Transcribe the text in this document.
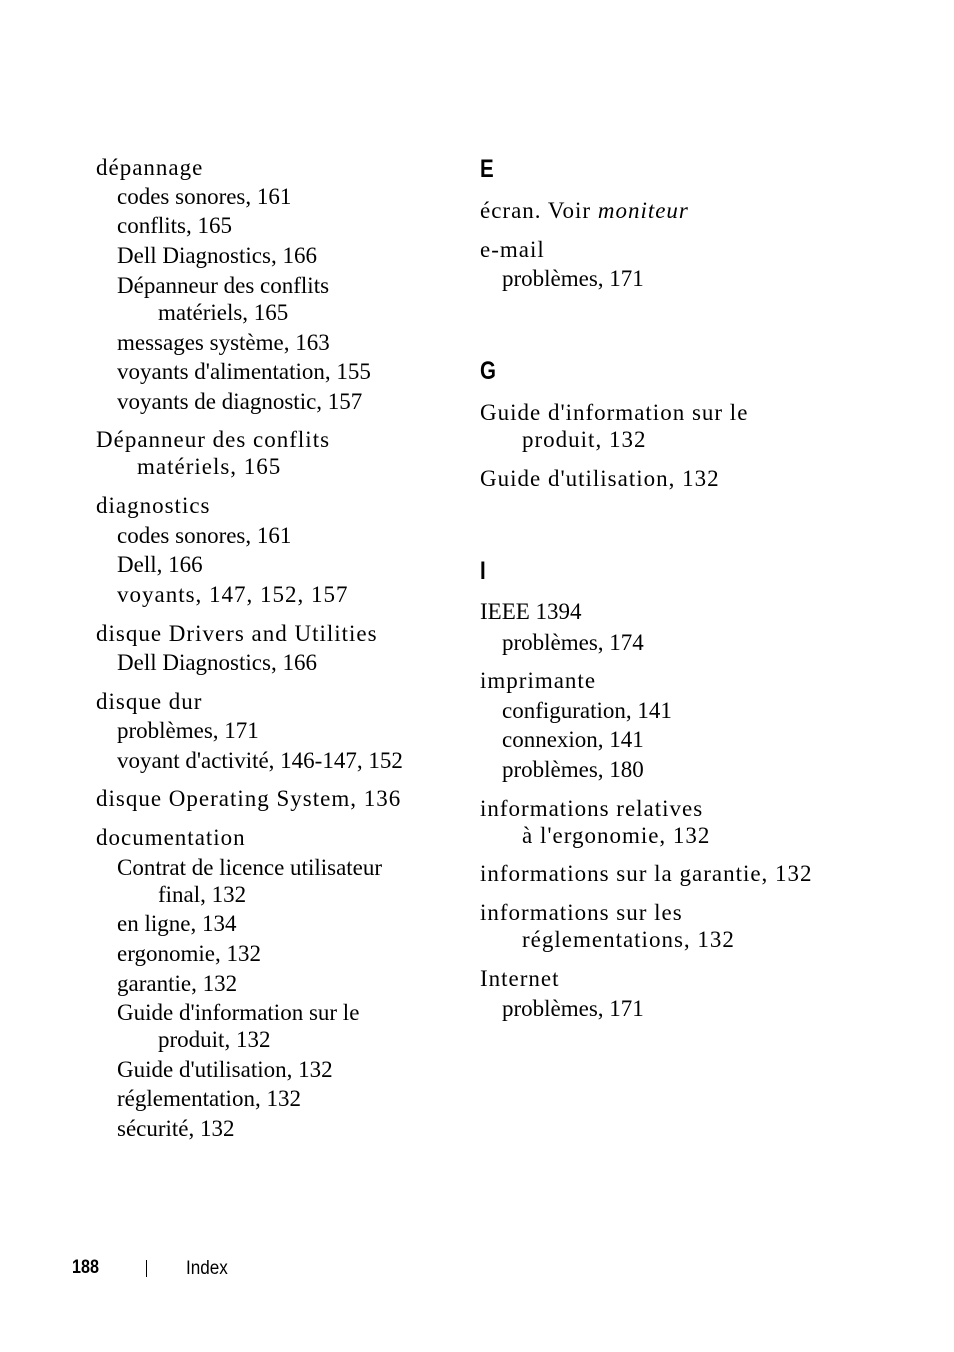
dépannage
codes sonores, 161
conflits, 165
Dell Diagnostics, 166
Dépanneur des conflits
matériels, 165
messages système, 163
voyants d'alimentation, 155
voyants de diagnostic, 157
Dépanneur des conflits
matériels, 165
diagnostics
codes sonores, 161
Dell, 166
voyants, 147, 152, 157
disque Drivers and Utilities
Dell Diagnostics, 166
disque dur
problèmes, 171
voyant d'activité, 146-147, 152
disque Operating System, 136
documentation
Contrat de licence utilisateur
final, 132
en ligne, 134
ergonomie, 132
garantie, 132
Guide d'information sur le
produit, 132
Guide d'utilisation, 132
réglementation, 132
sécurité, 132
E
écran. Voir moniteur
e-mail
problèmes, 171
G
Guide d'information sur le
produit, 132
Guide d'utilisation, 132
I
IEEE 1394
problèmes, 174
imprimante
configuration, 141
connexion, 141
problèmes, 180
informations relatives
à l'ergonomie, 132
informations sur la garantie, 132
informations sur les
réglementations, 132
Internet
problèmes, 171
188	Index
